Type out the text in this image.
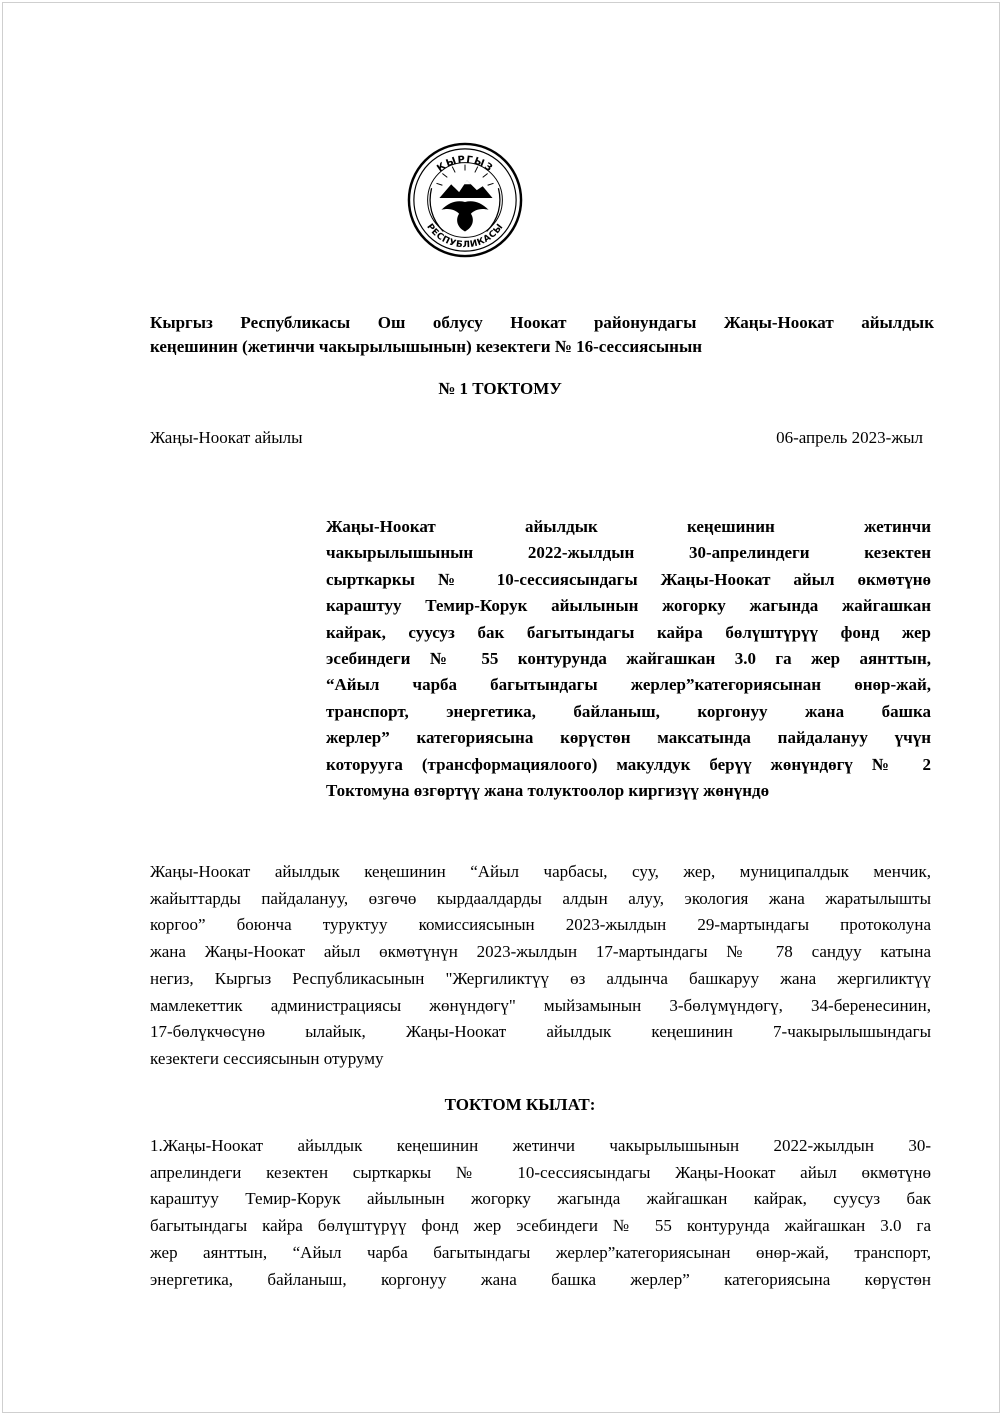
КЫРГЫЗ
РЕСПУБЛИКАСЫ
Кыргыз Республикасы Ош облусу Ноокат районундагы Жаңы-Ноокат айылдык
кеңешинин (жетинчи чакырылышынын) кезектеги № 16-сессиясынын
№ 1 ТОКТОМУ
Жаңы-Ноокат айылы	06-апрель 2023-жыл
Жаңы-Ноокат айылдык кеңешинин жетинчи
чакырылышынын 2022-жылдын 30-апрелиндеги кезектен
сырткаркы № 10-сессиясындагы Жаңы-Ноокат айыл өкмөтүнө
караштуу Темир-Корук айылынын жогорку жагында жайгашкан
кайрак, суусуз бак багытындагы кайра бөлүштүрүү фонд жер
эсебиндеги № 55 контурунда жайгашкан 3.0 га жер аянттын,
“Айыл чарба багытындагы жерлер”категориясынан өнөр-жай,
транспорт, энергетика, байланыш, коргонуу жана башка
жерлер” категориясына көрүстөн максатында пайдалануу үчүн
которууга (трансформациялоого) макулдук берүү жөнүндөгү № 2
Токтомуна өзгөртүү жана толуктоолор киргизүү жөнүндө
Жаңы-Ноокат айылдык кеңешинин “Айыл чарбасы, суу, жер, муниципалдык менчик,
жайыттарды пайдалануу, өзгөчө кырдаалдарды алдын алуу, экология жана жаратылышты
коргоо” боюнча туруктуу комиссиясынын 2023-жылдын 29-мартындагы протоколуна
жана Жаңы-Ноокат айыл өкмөтүнүн 2023-жылдын 17-мартындагы № 78 сандуу катына
негиз, Кыргыз Республикасынын "Жергиликтүү өз алдынча башкаруу жана жергиликтүү
мамлекеттик администрациясы жөнүндөгү" мыйзамынын 3-бөлүмүндөгү, 34-беренесинин,
17-бөлүкчөсүнө ылайык, Жаңы-Ноокат айылдык кеңешинин 7-чакырылышындагы
кезектеги сессиясынын отуруму
ТОКТОМ КЫЛАТ:
1.Жаңы-Ноокат айылдык кеңешинин жетинчи чакырылышынын 2022-жылдын 30-
апрелиндеги кезектен сырткаркы № 10-сессиясындагы Жаңы-Ноокат айыл өкмөтүнө
караштуу Темир-Корук айылынын жогорку жагында жайгашкан кайрак, суусуз бак
багытындагы кайра бөлүштүрүү фонд жер эсебиндеги № 55 контурунда жайгашкан 3.0 га
жер аянттын, “Айыл чарба багытындагы жерлер”категориясынан өнөр-жай, транспорт,
энергетика, байланыш, коргонуу жана башка жерлер” категориясына көрүстөн
